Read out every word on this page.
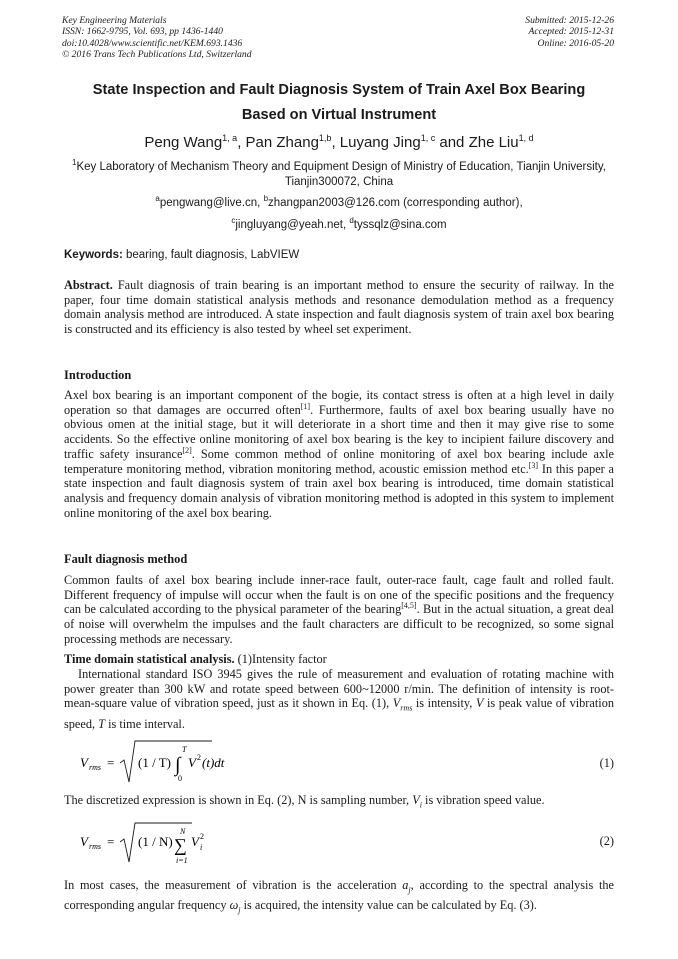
Key Engineering Materials
ISSN: 1662-9795, Vol. 693, pp 1436-1440
doi:10.4028/www.scientific.net/KEM.693.1436
© 2016 Trans Tech Publications Ltd, Switzerland
Submitted: 2015-12-26
Accepted: 2015-12-31
Online: 2016-05-20
State Inspection and Fault Diagnosis System of Train Axel Box Bearing
Based on Virtual Instrument
Peng Wang$^{1, a}$, Pan Zhang$^{1,b}$, Luyang Jing$^{1, c}$ and Zhe Liu$^{1, d}$
$^1$Key Laboratory of Mechanism Theory and Equipment Design of Ministry of Education, Tianjin University, Tianjin300072, China
$^a$pengwang@live.cn, $^b$zhangpan2003@126.com (corresponding author),
$^c$jingluyang@yeah.net, $^d$tyssqlz@sina.com
Keywords: bearing, fault diagnosis, LabVIEW

Abstract. Fault diagnosis of train bearing is an important method to ensure the security of railway. In the paper, four time domain statistical analysis methods and resonance demodulation method as a frequency domain analysis method are introduced. A state inspection and fault diagnosis system of train axel box bearing is constructed and its efficiency is also tested by wheel set experiment.

Introduction

Axel box bearing is an important component of the bogie, its contact stress is often at a high level in daily operation so that damages are occurred often[1]. Furthermore, faults of axel box bearing usually have no obvious omen at the initial stage, but it will deteriorate in a short time and then it may give rise to some accidents. So the effective online monitoring of axel box bearing is the key to incipient failure discovery and traffic safety insurance[2]. Some common method of online monitoring of axel box bearing include axle temperature monitoring method, vibration monitoring method, acoustic emission method etc.[3] In this paper a state inspection and fault diagnosis system of train axel box bearing is introduced, time domain statistical analysis and frequency domain analysis of vibration monitoring method is adopted in this system to implement online monitoring of the axel box bearing.

Fault diagnosis method

Common faults of axel box bearing include inner-race fault, outer-race fault, cage fault and rolled fault. Different frequency of impulse will occur when the fault is on one of the specific positions and the frequency can be calculated according to the physical parameter of the bearing[4,5]. But in the actual situation, a great deal of noise will overwhelm the impulses and the fault characters are difficult to be recognized, so some signal processing methods are necessary.

Time domain statistical analysis. (1)Intensity factor

International standard ISO 3945 gives the rule of measurement and evaluation of rotating machine with power greater than 300 kW and rotate speed between 600~12000 r/min. The definition of intensity is root-mean-square value of vibration speed, just as it shown in Eq. (1), $V_{rms}$ is intensity, V is peak value of vibration speed, T is time interval.

V rms = (1 / T) ∫
T
0
V 2 (t)dt	(1)

The discretized expression is shown in Eq. (2), N is sampling number, $V_i$ is vibration speed value.

V rms = (1 / N) ∑
N
i=1
V 2
i	(2)

In most cases, the measurement of vibration is the acceleration $a_j$, according to the spectral analysis the corresponding angular frequency $\omega_j$ is acquired, the intensity value can be calculated by Eq. (3).
